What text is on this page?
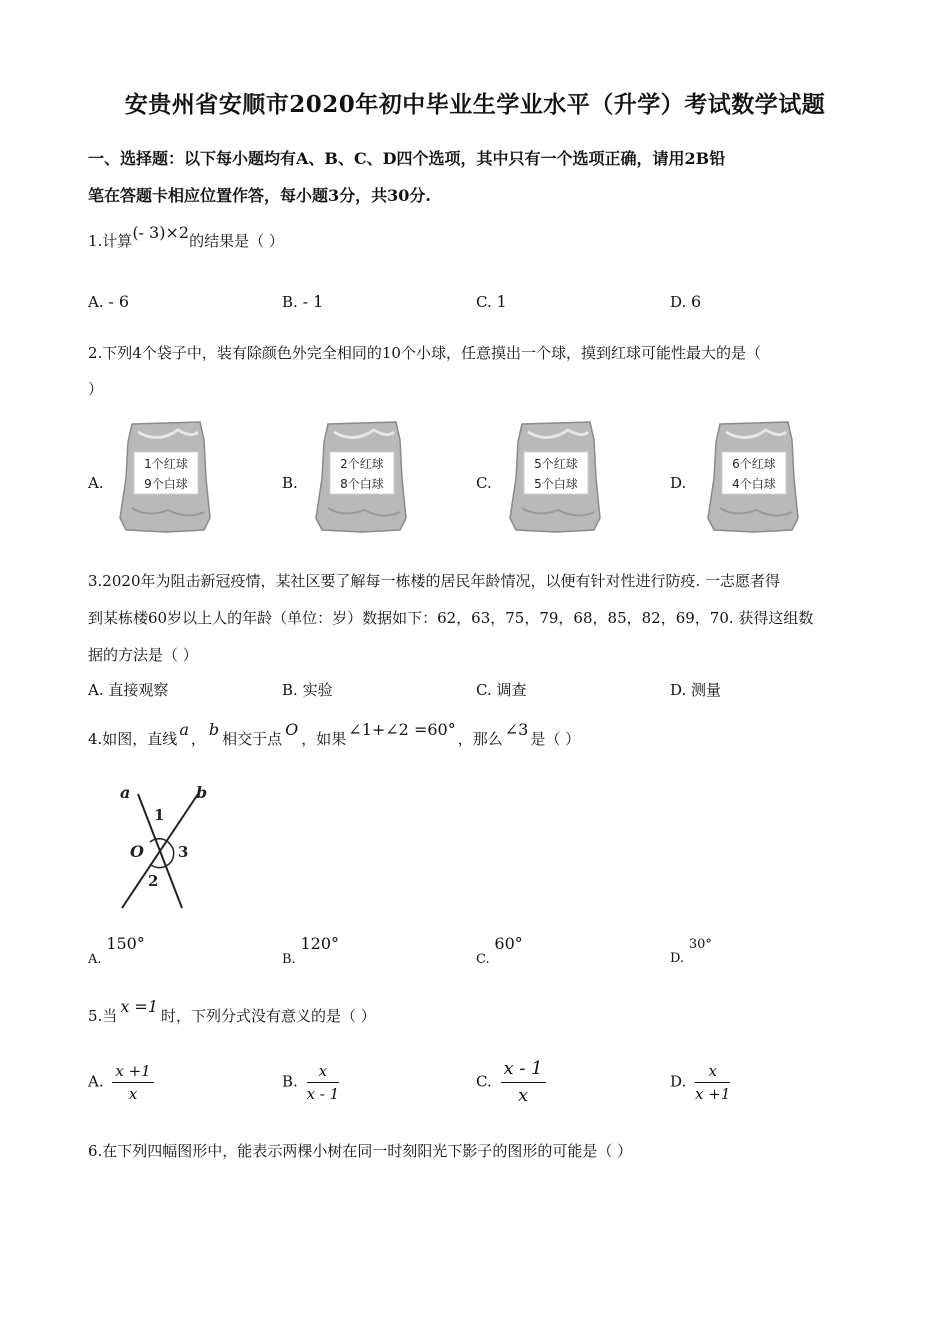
安贵州省安顺市2020年初中毕业生学业水平（升学）考试数学试题
一、选择题：以下每小题均有A、B、C、D四个选项，其中只有一个选项正确，请用2B铅
笔在答题卡相应位置作答，每小题3分，共30分.
1.计算(- 3)×2的结果是（ ）
A. - 6	B. - 1	C. 1	D. 6
2.下列4个袋子中，装有除颜色外完全相同的10个小球，任意摸出一个球，摸到红球可能性最大的是（
）
A.	B.	C.	D.
1个红球
9个白球
2个红球
8个白球
5个红球
5个白球
6个红球
4个白球
3.2020年为阻击新冠疫情，某社区要了解每一栋楼的居民年龄情况，以便有针对性进行防疫. 一志愿者得
到某栋楼60岁以上人的年龄（单位：岁）数据如下：62，63，75，79，68，85，82，69，70. 获得这组数
据的方法是（ ）
A. 直接观察	B. 实验	C. 调查	D. 测量
4.如图，直线 a ， b 相交于点 O ，如果 ∠1+∠2 =60° ，那么 ∠3 是（ ）
a	b
1
O 3
2
A. 150°
B. 120°
C. 60°
D. 30°
5.当 x =1 时，下列分式没有意义的是（ ）
A. $\frac{x +1}{x}$	B. $\frac{x}{x - 1}$	C. $\frac{x - 1}{x}$	D. $\frac{x}{x +1}$
6.在下列四幅图形中，能表示两棵小树在同一时刻阳光下影子的图形的可能是（ ）
